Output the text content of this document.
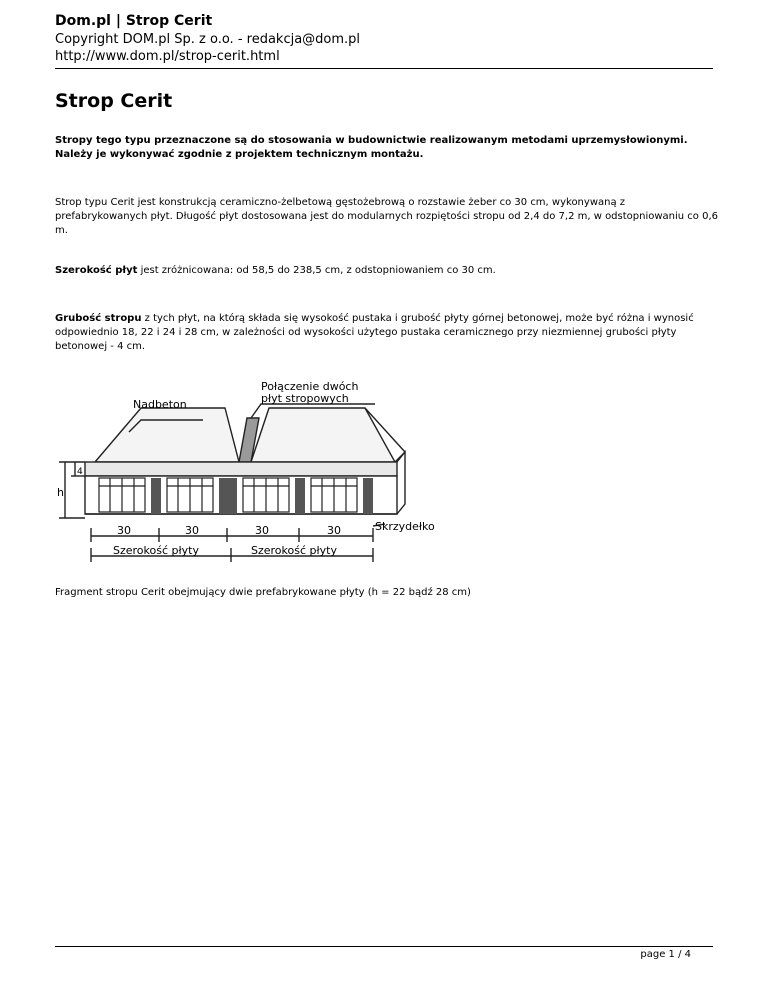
Dom.pl | Strop Cerit
Copyright DOM.pl Sp. z o.o. - redakcja@dom.pl
http://www.dom.pl/strop-cerit.html
Strop Cerit
Stropy tego typu przeznaczone są do stosowania w budownictwie realizowanym metodami uprzemysłowionymi. Należy je wykonywać zgodnie z projektem technicznym montażu.
Strop typu Cerit jest konstrukcją ceramiczno-żelbetową gęstożebrową o rozstawie żeber co 30 cm, wykonywaną z prefabrykowanych płyt. Długość płyt dostosowana jest do modularnych rozpiętości stropu od 2,4 do 7,2 m, w odstopniowaniu co 0,6 m.
Szerokość płyt jest zróżnicowana: od 58,5 do 238,5 cm, z odstopniowaniem co 30 cm.
Grubość stropu z tych płyt, na którą składa się wysokość pustaka i grubość płyty górnej betonowej, może być różna i wynosić odpowiednio 18, 22 i 24 i 28 cm, w zależności od wysokości użytego pustaka ceramicznego przy niezmiennej grubości płyty betonowej - 4 cm.
Nadbeton
Połączenie dwóch
płyt stropowych
Skrzydełko
h
4
30	30	30	30
Szerokość płyty	Szerokość płyty
Fragment stropu Cerit obejmujący dwie prefabrykowane płyty (h = 22 bądź 28 cm)
page 1 / 4
